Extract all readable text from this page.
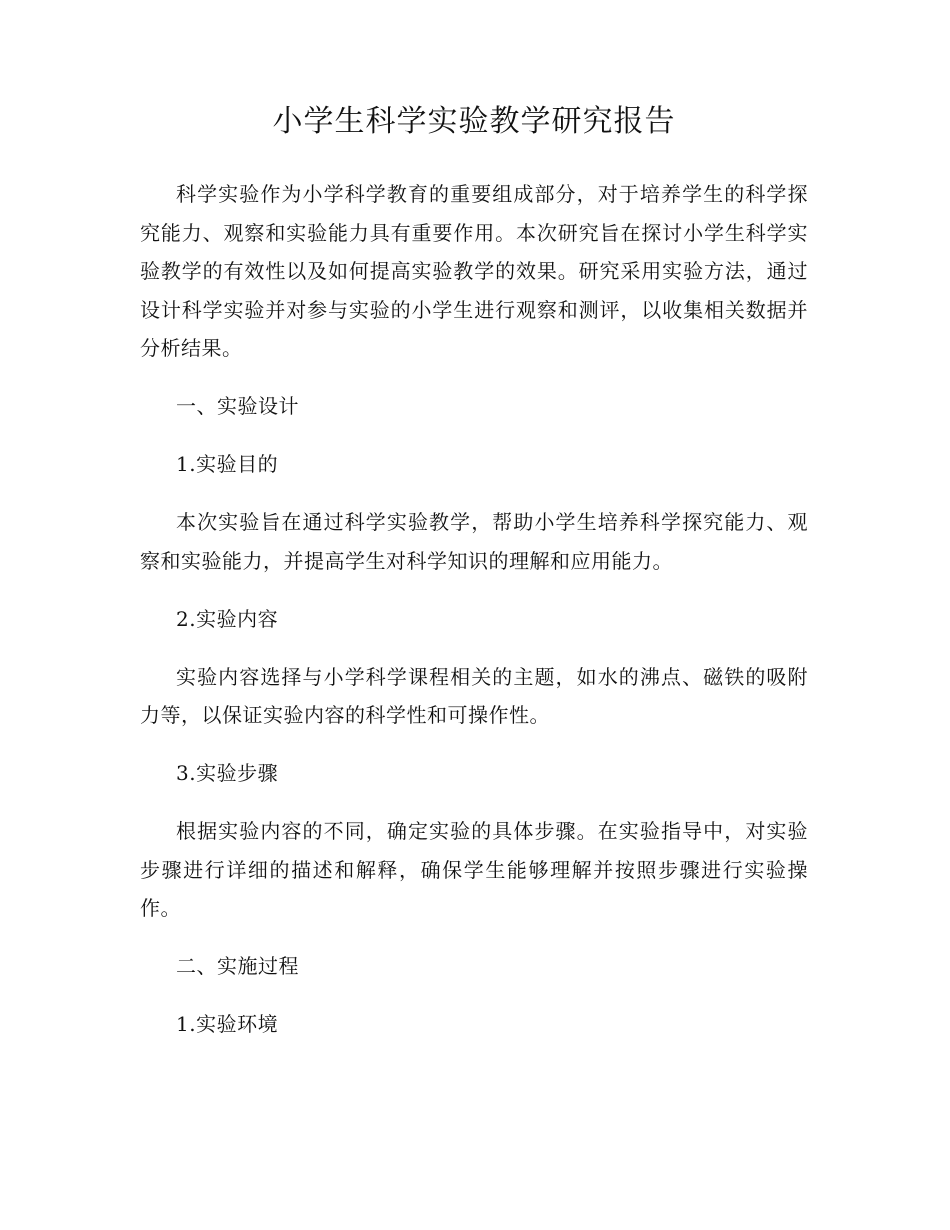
小学生科学实验教学研究报告

科学实验作为小学科学教育的重要组成部分，对于培养学生的科学探究能力、观察和实验能力具有重要作用。本次研究旨在探讨小学生科学实验教学的有效性以及如何提高实验教学的效果。研究采用实验方法，通过设计科学实验并对参与实验的小学生进行观察和测评，以收集相关数据并分析结果。

一、实验设计

1.实验目的

本次实验旨在通过科学实验教学，帮助小学生培养科学探究能力、观察和实验能力，并提高学生对科学知识的理解和应用能力。

2.实验内容

实验内容选择与小学科学课程相关的主题，如水的沸点、磁铁的吸附力等，以保证实验内容的科学性和可操作性。

3.实验步骤

根据实验内容的不同，确定实验的具体步骤。在实验指导中，对实验步骤进行详细的描述和解释，确保学生能够理解并按照步骤进行实验操作。

二、实施过程

1.实验环境
